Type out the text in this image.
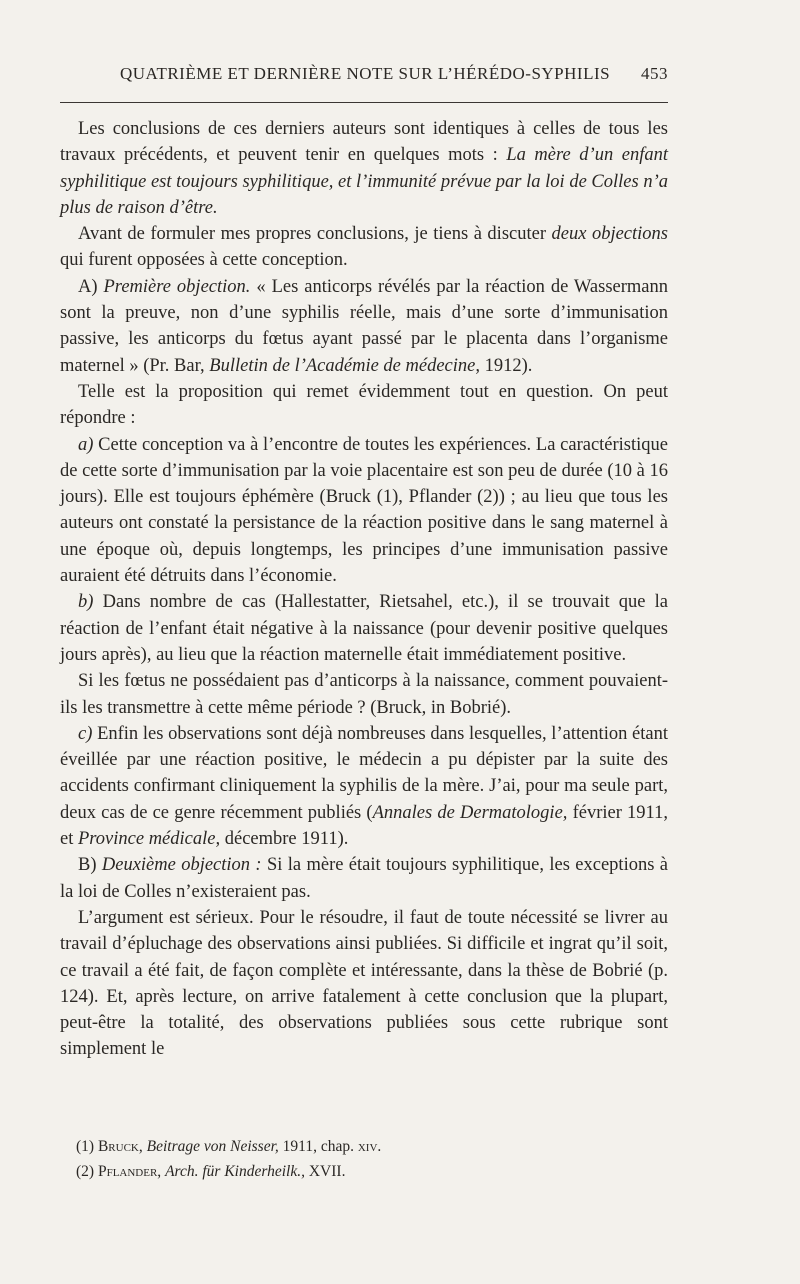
QUATRIÈME ET DERNIÈRE NOTE SUR L’HÉRÉDO-SYPHILIS 453

Les conclusions de ces derniers auteurs sont identiques à celles de tous les travaux précédents, et peuvent tenir en quelques mots : La mère d’un enfant syphilitique est toujours syphilitique, et l’immunité prévue par la loi de Colles n’a plus de raison d’être.

Avant de formuler mes propres conclusions, je tiens à discuter deux objections qui furent opposées à cette conception.

A) Première objection. « Les anticorps révélés par la réaction de Wassermann sont la preuve, non d’une syphilis réelle, mais d’une sorte d’immunisation passive, les anticorps du fœtus ayant passé par le placenta dans l’organisme maternel » (Pr. Bar, Bulletin de l’Académie de médecine, 1912).

Telle est la proposition qui remet évidemment tout en question. On peut répondre :

a) Cette conception va à l’encontre de toutes les expériences. La caractéristique de cette sorte d’immunisation par la voie placentaire est son peu de durée (10 à 16 jours). Elle est toujours éphémère (Bruck (1), Pflander (2)) ; au lieu que tous les auteurs ont constaté la persistance de la réaction positive dans le sang maternel à une époque où, depuis longtemps, les principes d’une immunisation passive auraient été détruits dans l’économie.

b) Dans nombre de cas (Hallestatter, Rietsahel, etc.), il se trouvait que la réaction de l’enfant était négative à la naissance (pour devenir positive quelques jours après), au lieu que la réaction maternelle était immédiatement positive.

Si les fœtus ne possédaient pas d’anticorps à la naissance, comment pouvaient-ils les transmettre à cette même période ? (Bruck, in Bobrié).

c) Enfin les observations sont déjà nombreuses dans lesquelles, l’attention étant éveillée par une réaction positive, le médecin a pu dépister par la suite des accidents confirmant cliniquement la syphilis de la mère. J’ai, pour ma seule part, deux cas de ce genre récemment publiés (Annales de Dermatologie, février 1911, et Province médicale, décembre 1911).

B) Deuxième objection : Si la mère était toujours syphilitique, les exceptions à la loi de Colles n’existeraient pas.

L’argument est sérieux. Pour le résoudre, il faut de toute nécessité se livrer au travail d’épluchage des observations ainsi publiées. Si difficile et ingrat qu’il soit, ce travail a été fait, de façon complète et intéressante, dans la thèse de Bobrié (p. 124). Et, après lecture, on arrive fatalement à cette conclusion que la plupart, peut-être la totalité, des observations publiées sous cette rubrique sont simplement le

(1) Bruck, Beitrage von Neisser, 1911, chap. xiv.
(2) Pflander, Arch. für Kinderheilk., XVII.
